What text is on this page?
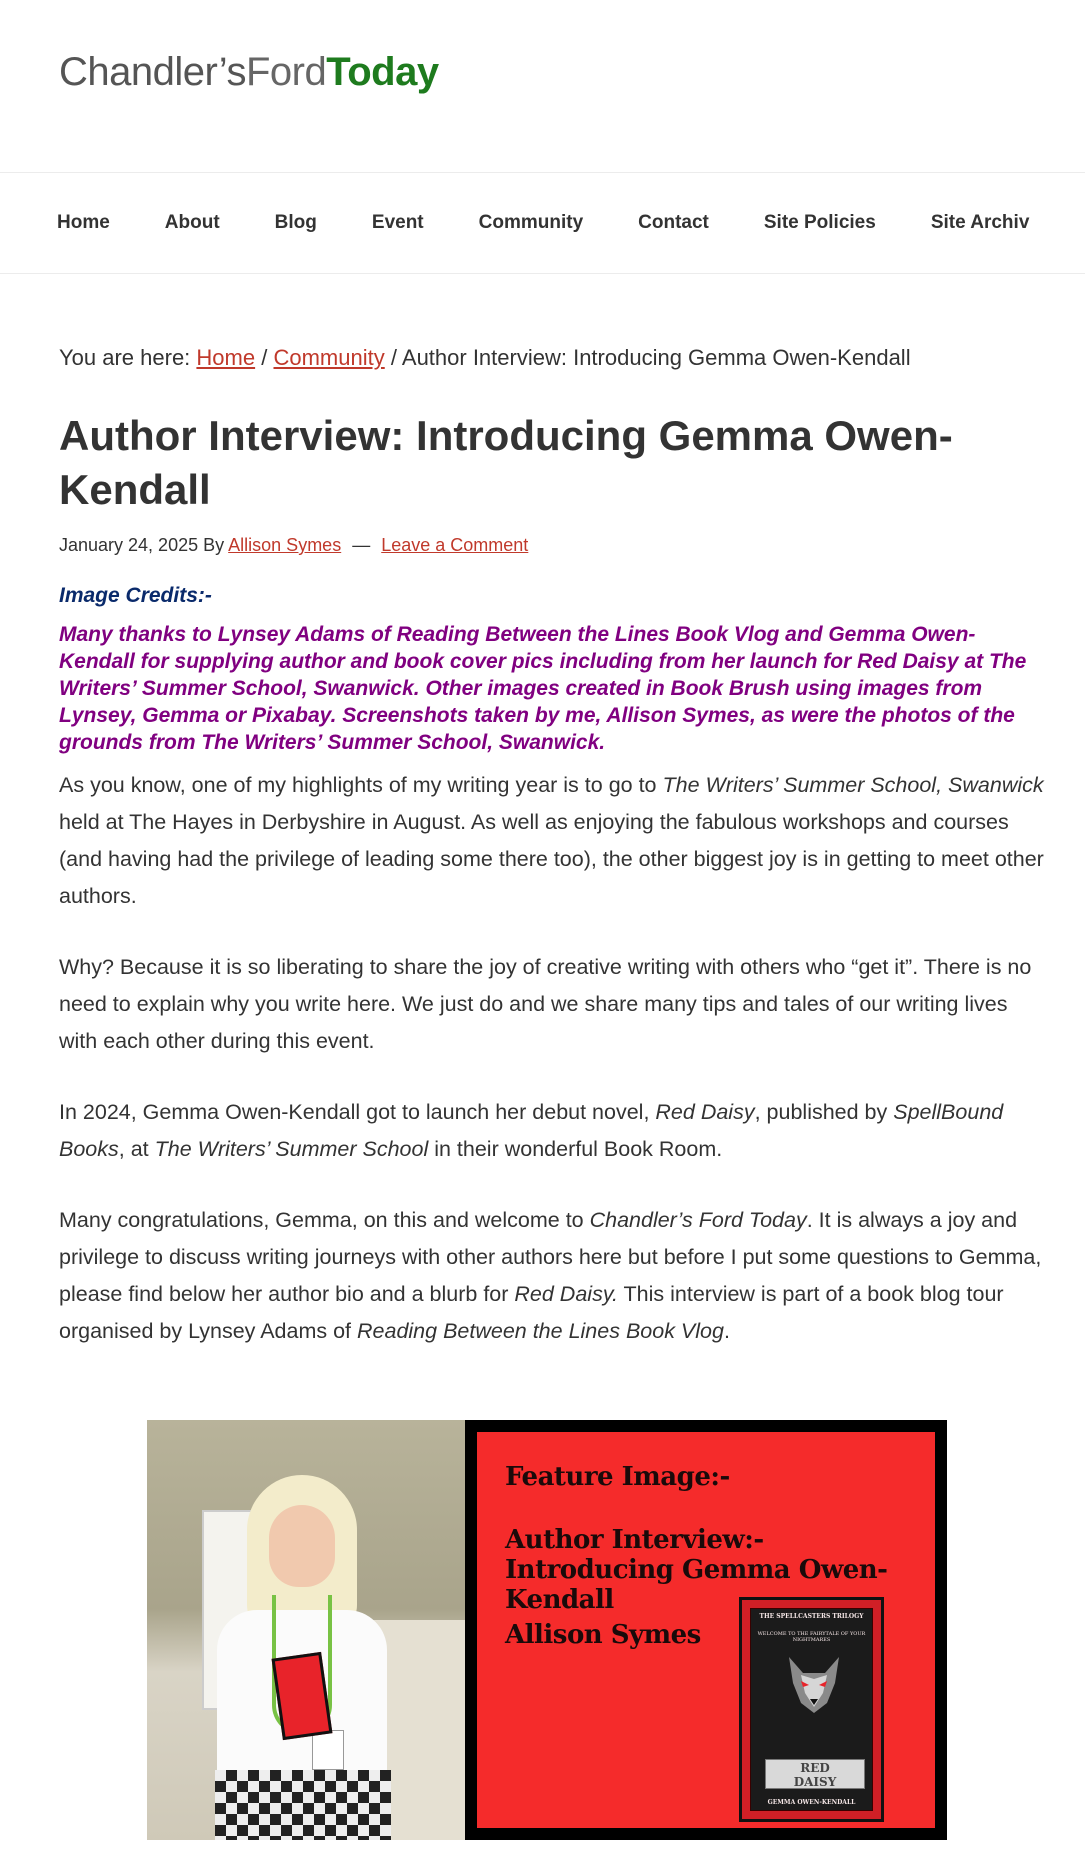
Chandler’sFordToday
Home	About	Blog	Event	Community	Contact	Site Policies	Site Archiv
You are here: Home / Community / Author Interview: Introducing Gemma Owen-Kendall
Author Interview: Introducing Gemma Owen-Kendall
January 24, 2025 By Allison Symes — Leave a Comment
Image Credits:-
Many thanks to Lynsey Adams of Reading Between the Lines Book Vlog and Gemma Owen-Kendall for supplying author and book cover pics including from her launch for Red Daisy at The Writers’ Summer School, Swanwick. Other images created in Book Brush using images from Lynsey, Gemma or Pixabay. Screenshots taken by me, Allison Symes, as were the photos of the grounds from The Writers’ Summer School, Swanwick.

As you know, one of my highlights of my writing year is to go to The Writers’ Summer School, Swanwick held at The Hayes in Derbyshire in August. As well as enjoying the fabulous workshops and courses (and having had the privilege of leading some there too), the other biggest joy is in getting to meet other authors.

Why? Because it is so liberating to share the joy of creative writing with others who “get it”. There is no need to explain why you write here. We just do and we share many tips and tales of our writing lives with each other during this event.

In 2024, Gemma Owen-Kendall got to launch her debut novel, Red Daisy, published by SpellBound Books, at The Writers’ Summer School in their wonderful Book Room.

Many congratulations, Gemma, on this and welcome to Chandler’s Ford Today. It is always a joy and privilege to discuss writing journeys with other authors here but before I put some questions to Gemma, please find below her author bio and a blurb for Red Daisy. This interview is part of a book blog tour organised by Lynsey Adams of Reading Between the Lines Book Vlog.

Feature Image:-
Author Interview:-
Introducing Gemma Owen-Kendall
Allison Symes
THE SPELLCASTERS TRILOGY
WELCOME TO THE FAIRYTALE OF YOUR NIGHTMARES
RED
DAISY
GEMMA OWEN-KENDALL
